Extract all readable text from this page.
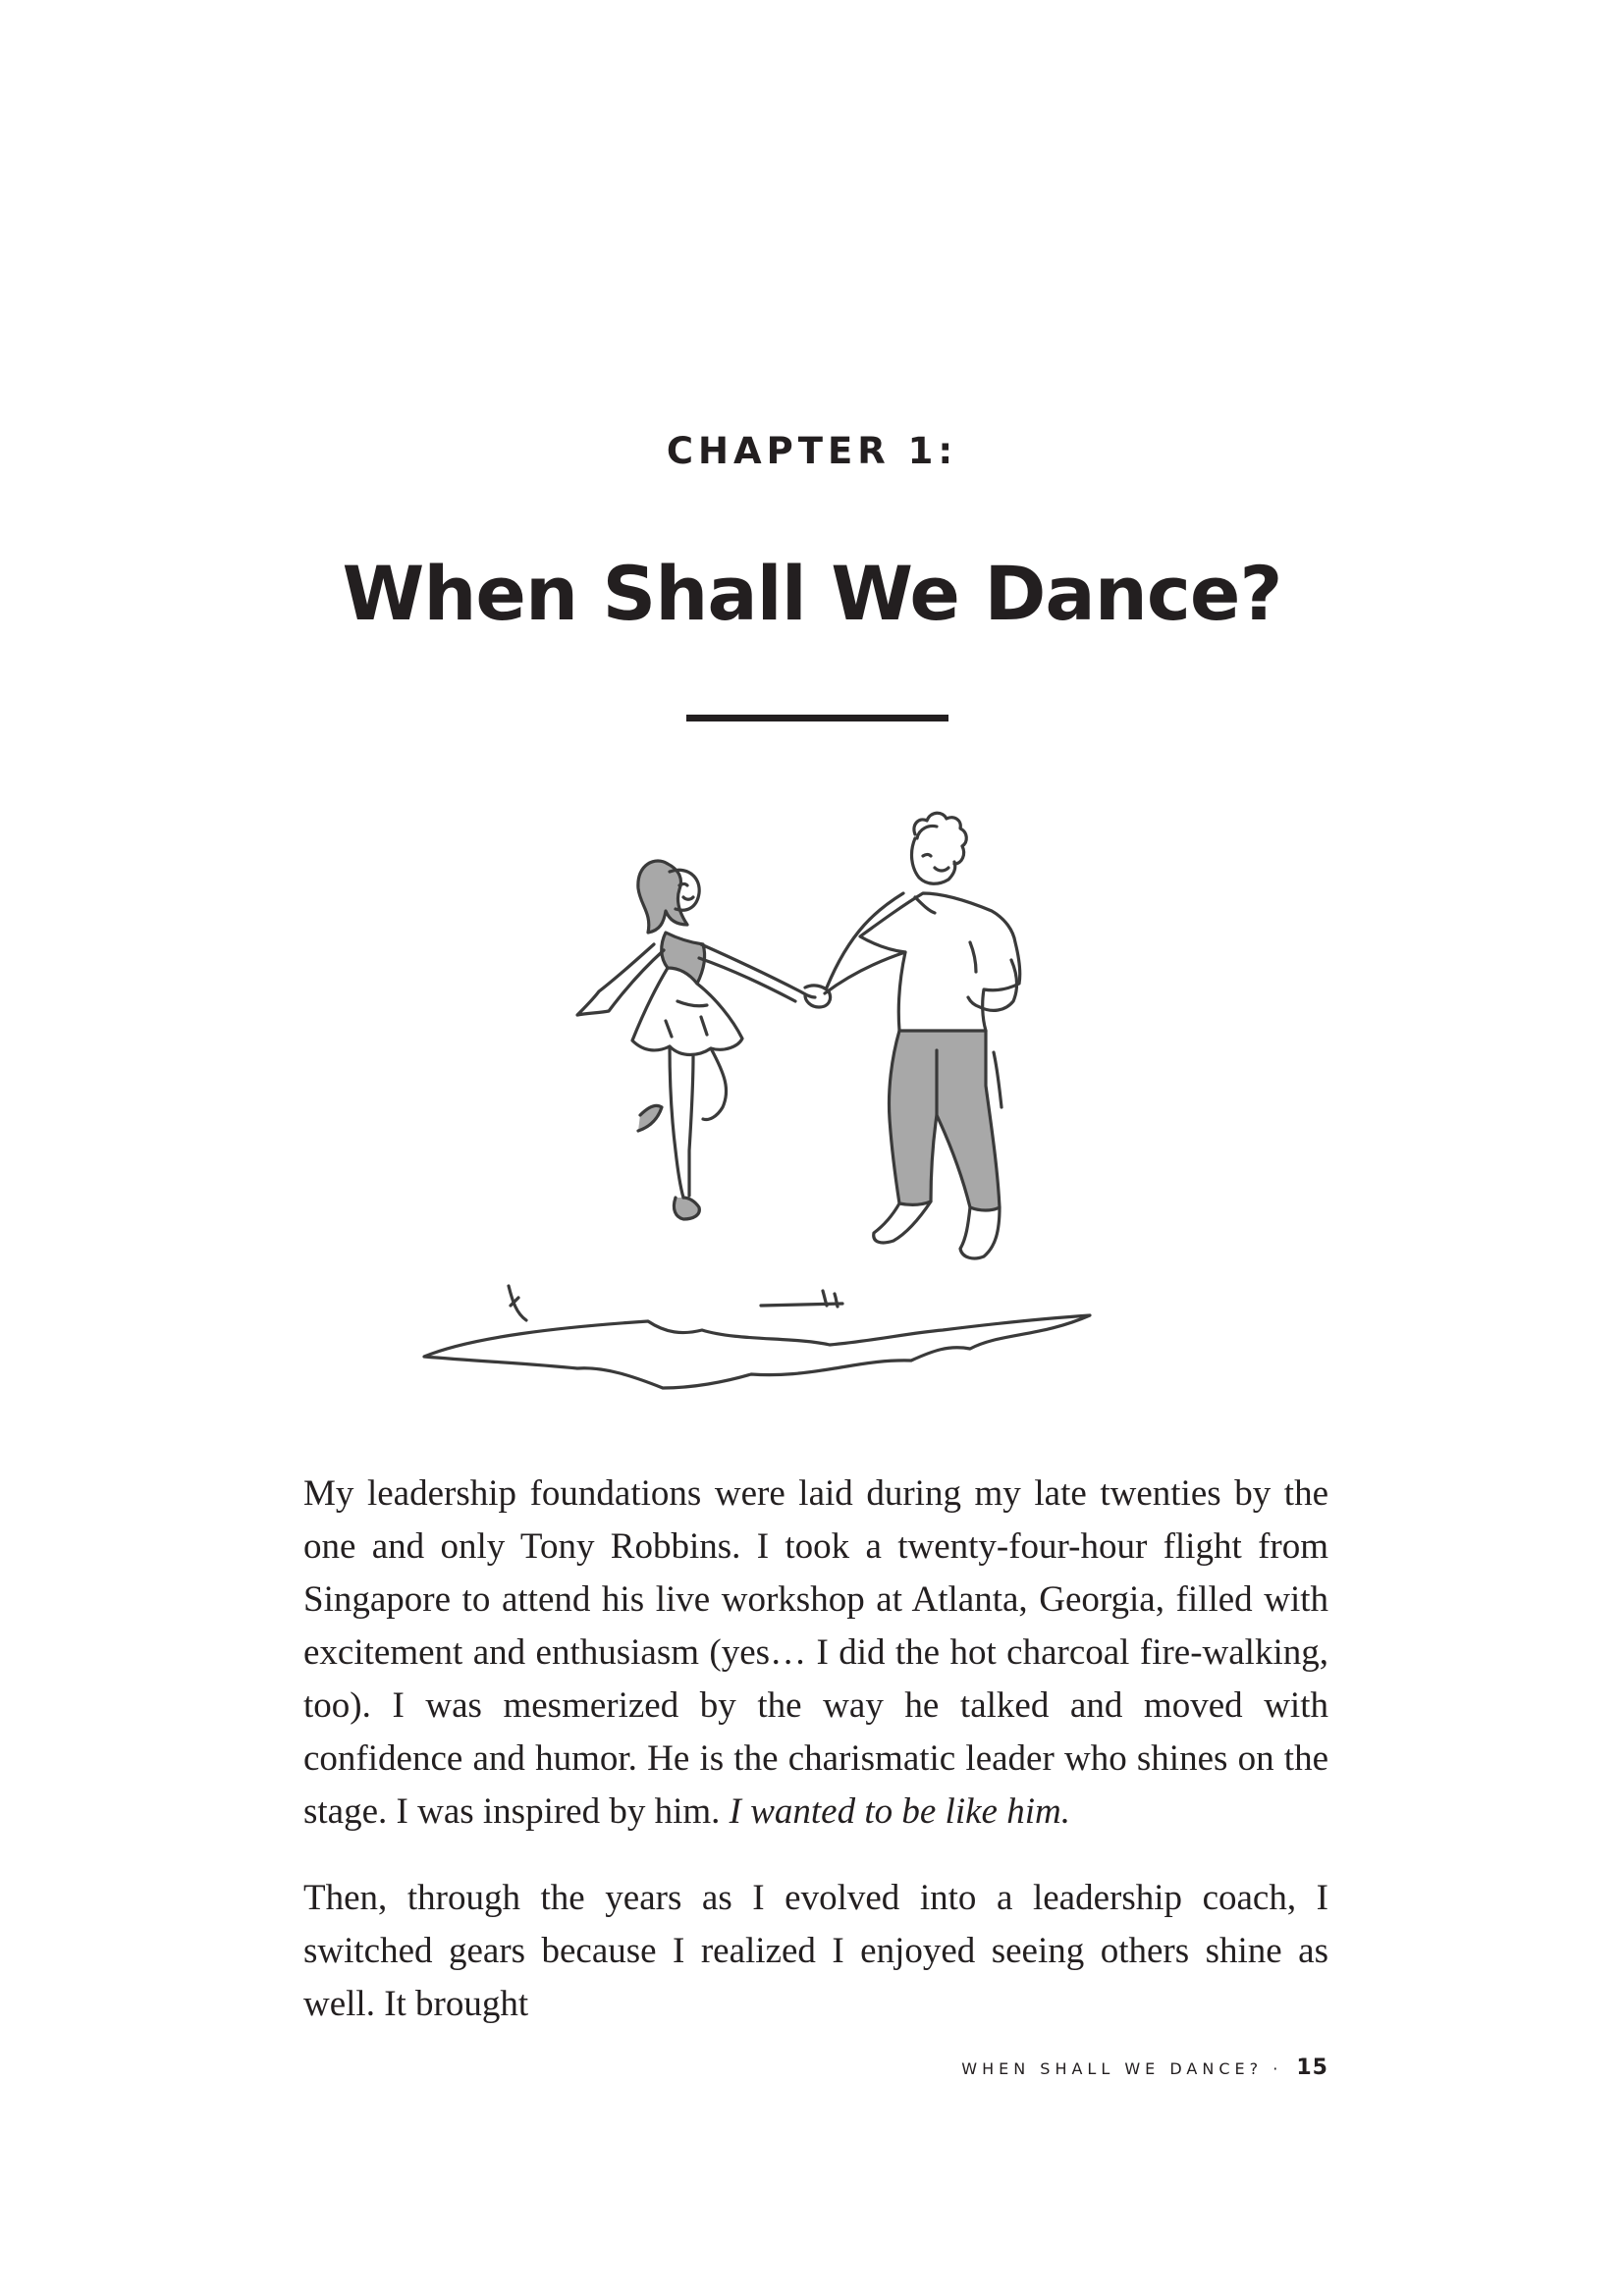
CHAPTER 1:
When Shall We Dance?

My leadership foundations were laid during my late twenties by the one and only Tony Robbins. I took a twenty-four-hour flight from Singapore to attend his live workshop at Atlanta, Georgia, filled with excitement and enthusiasm (yes… I did the hot charcoal fire-walking, too). I was mesmerized by the way he talked and moved with confidence and humor. He is the charismatic leader who shines on the stage. I was inspired by him. I wanted to be like him.

Then, through the years as I evolved into a leadership coach, I switched gears because I realized I enjoyed seeing others shine as well. It brought

WHEN SHALL WE DANCE? · 15
